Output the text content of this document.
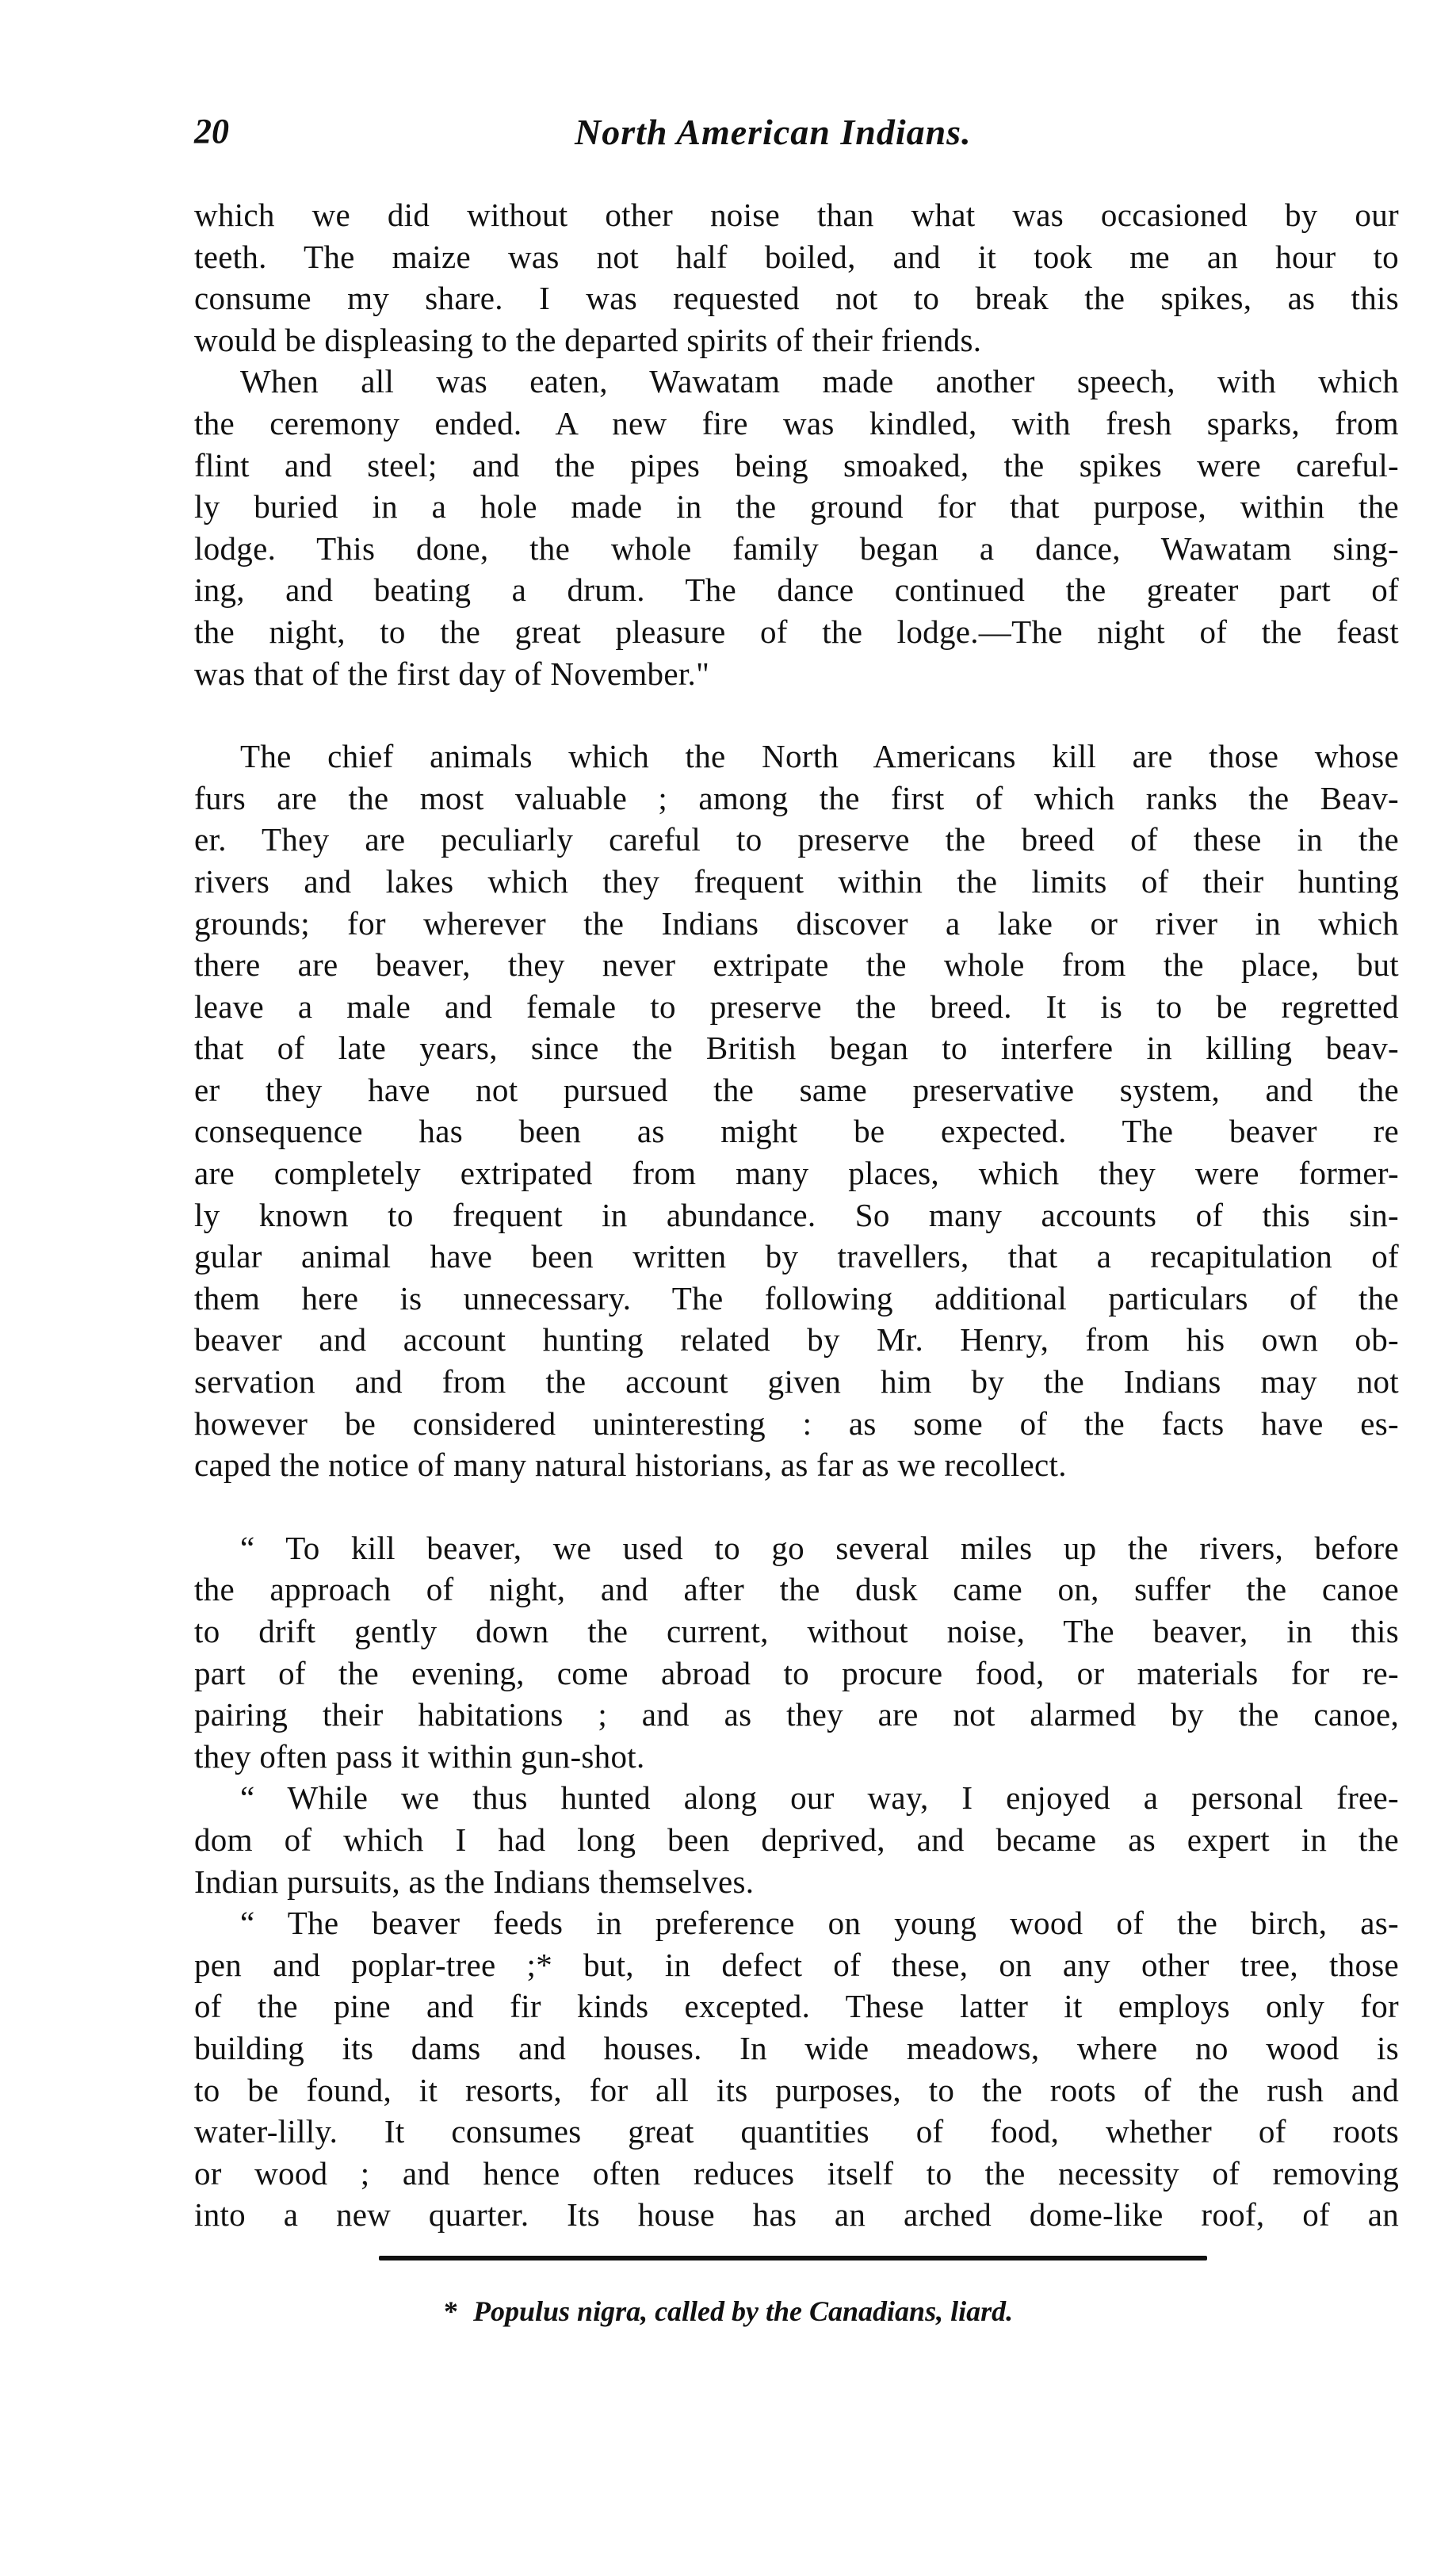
20	North American Indians.
which we did without other noise than what was occasioned by our
teeth. The maize was not half boiled, and it took me an hour to
consume my share. I was requested not to break the spikes, as this
would be displeasing to the departed spirits of their friends.
When all was eaten, Wawatam made another speech, with which
the ceremony ended. A new fire was kindled, with fresh sparks, from
flint and steel; and the pipes being smoaked, the spikes were careful-
ly buried in a hole made in the ground for that purpose, within the
lodge. This done, the whole family began a dance, Wawatam sing-
ing, and beating a drum. The dance continued the greater part of
the night, to the great pleasure of the lodge.—The night of the feast
was that of the first day of November."
The chief animals which the North Americans kill are those whose
furs are the most valuable ; among the first of which ranks the Beav-
er. They are peculiarly careful to preserve the breed of these in the
rivers and lakes which they frequent within the limits of their hunting
grounds; for wherever the Indians discover a lake or river in which
there are beaver, they never extripate the whole from the place, but
leave a male and female to preserve the breed. It is to be regretted
that of late years, since the British began to interfere in killing beav-
er they have not pursued the same preservative system, and the
consequence has been as might be expected. The beaver re
are completely extripated from many places, which they were former-
ly known to frequent in abundance. So many accounts of this sin-
gular animal have been written by travellers, that a recapitulation of
them here is unnecessary. The following additional particulars of the
beaver and account hunting related by Mr. Henry, from his own ob-
servation and from the account given him by the Indians may not
however be considered uninteresting : as some of the facts have es-
caped the notice of many natural historians, as far as we recollect.
“ To kill beaver, we used to go several miles up the rivers, before
the approach of night, and after the dusk came on, suffer the canoe
to drift gently down the current, without noise, The beaver, in this
part of the evening, come abroad to procure food, or materials for re-
pairing their habitations ; and as they are not alarmed by the canoe,
they often pass it within gun-shot.
“ While we thus hunted along our way, I enjoyed a personal free-
dom of which I had long been deprived, and became as expert in the
Indian pursuits, as the Indians themselves.
“ The beaver feeds in preference on young wood of the birch, as-
pen and poplar-tree ;* but, in defect of these, on any other tree, those
of the pine and fir kinds excepted. These latter it employs only for
building its dams and houses. In wide meadows, where no wood is
to be found, it resorts, for all its purposes, to the roots of the rush and
water-lilly. It consumes great quantities of food, whether of roots
or wood ; and hence often reduces itself to the necessity of removing
into a new quarter. Its house has an arched dome-like roof, of an
* Populus nigra, called by the Canadians, liard.
